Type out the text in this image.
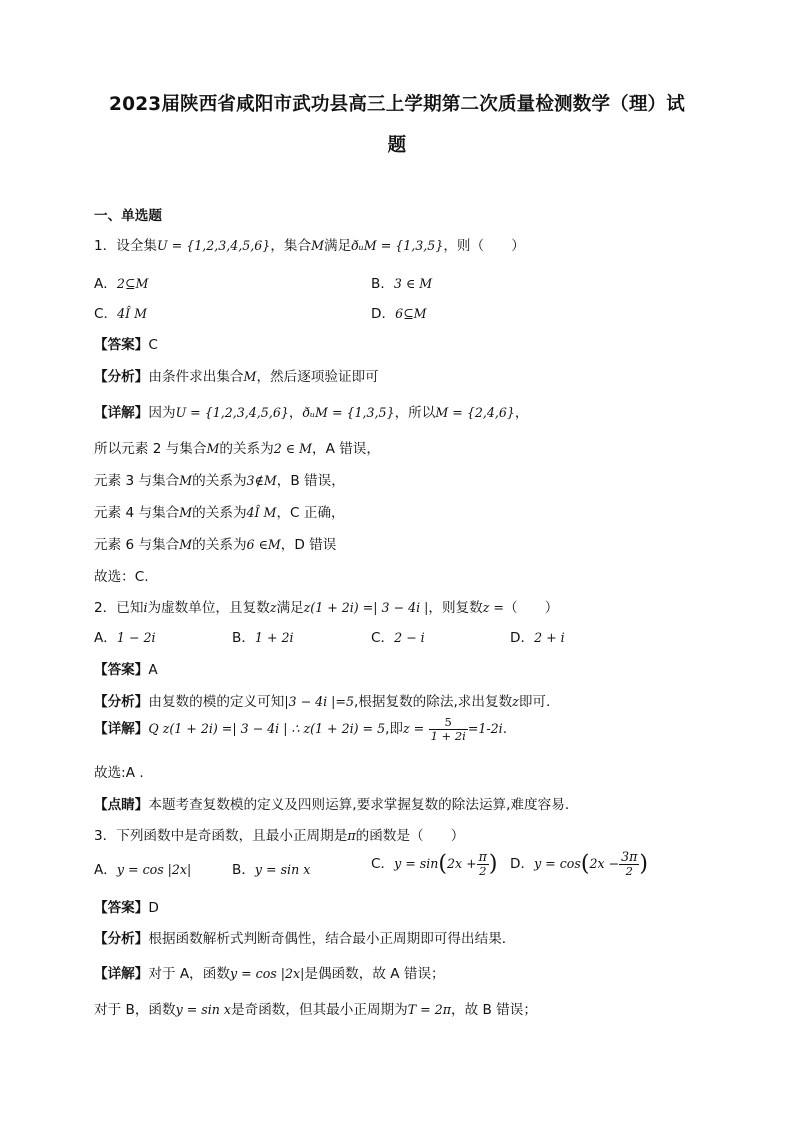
2023届陕西省咸阳市武功县高三上学期第二次质量检测数学（理）试
题
一、单选题
1．设全集U = {1,2,3,4,5,6}，集合M满足ðᵤM = {1,3,5}，则（　　）
A．2⊆M	B．3 ∈ M
C．4Î M	D．6⊆M
【答案】C
【分析】由条件求出集合M，然后逐项验证即可
【详解】因为U = {1,2,3,4,5,6}，ðᵤM = {1,3,5}，所以M = {2,4,6}，
所以元素 2 与集合M的关系为2 ∈ M，A 错误，
元素 3 与集合M的关系为3∉M，B 错误，
元素 4 与集合M的关系为4Î M，C 正确，
元素 6 与集合M的关系为6 ∈M，D 错误
故选：C.
2．已知i为虚数单位，且复数z满足z(1 + 2i) =| 3 − 4i |，则复数z =（　　）
A．1 − 2i	B．1 + 2i	C．2 − i	D．2 + i
【答案】A
【分析】由复数的模的定义可知|3 − 4i |=5,根据复数的除法,求出复数z即可.
【详解】Q z(1 + 2i) =| 3 − 4i | ∴ z(1 + 2i) = 5,即$z = \frac{5}{1 + 2i} =1-2i$.
故选:A .
【点睛】本题考查复数模的定义及四则运算,要求掌握复数的除法运算,难度容易.
3．下列函数中是奇函数，且最小正周期是π的函数是（　　）
A．y = cos |2x|	B．y = sin x	C．$y = \sin(2x + \frac{\pi}{2}$ ) D．$y = \cos(2x - \frac{3\pi}{2}$ )
【答案】D
【分析】根据函数解析式判断奇偶性，结合最小正周期即可得出结果．
【详解】对于 A，函数y = cos |2x|是偶函数，故 A 错误；
对于 B，函数y = sin x是奇函数，但其最小正周期为T = 2π，故 B 错误；
